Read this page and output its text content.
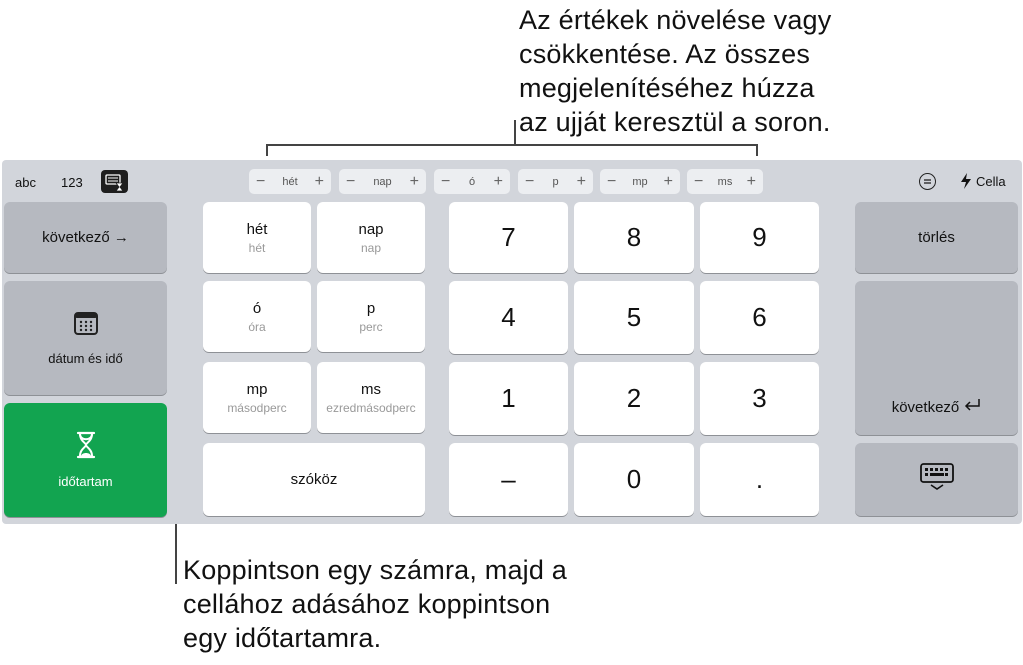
Az értékek növelése vagy
csökkentése. Az összes
megjelenítéséhez húzza
az ujját keresztül a soron.
Koppintson egy számra, majd a
cellához adásához koppintson
egy időtartamra.
abc 123	− hét + − nap + − ó + − p + − mp + − ms +	Cella
következő →
dátum és idő
időtartam
hét
hét
nap
nap
ó
óra
p
perc
mp
másodperc
ms
ezredmásodperc
szóköz
7	8	9
4	5	6
1	2	3
–	0	.
törlés
következő
